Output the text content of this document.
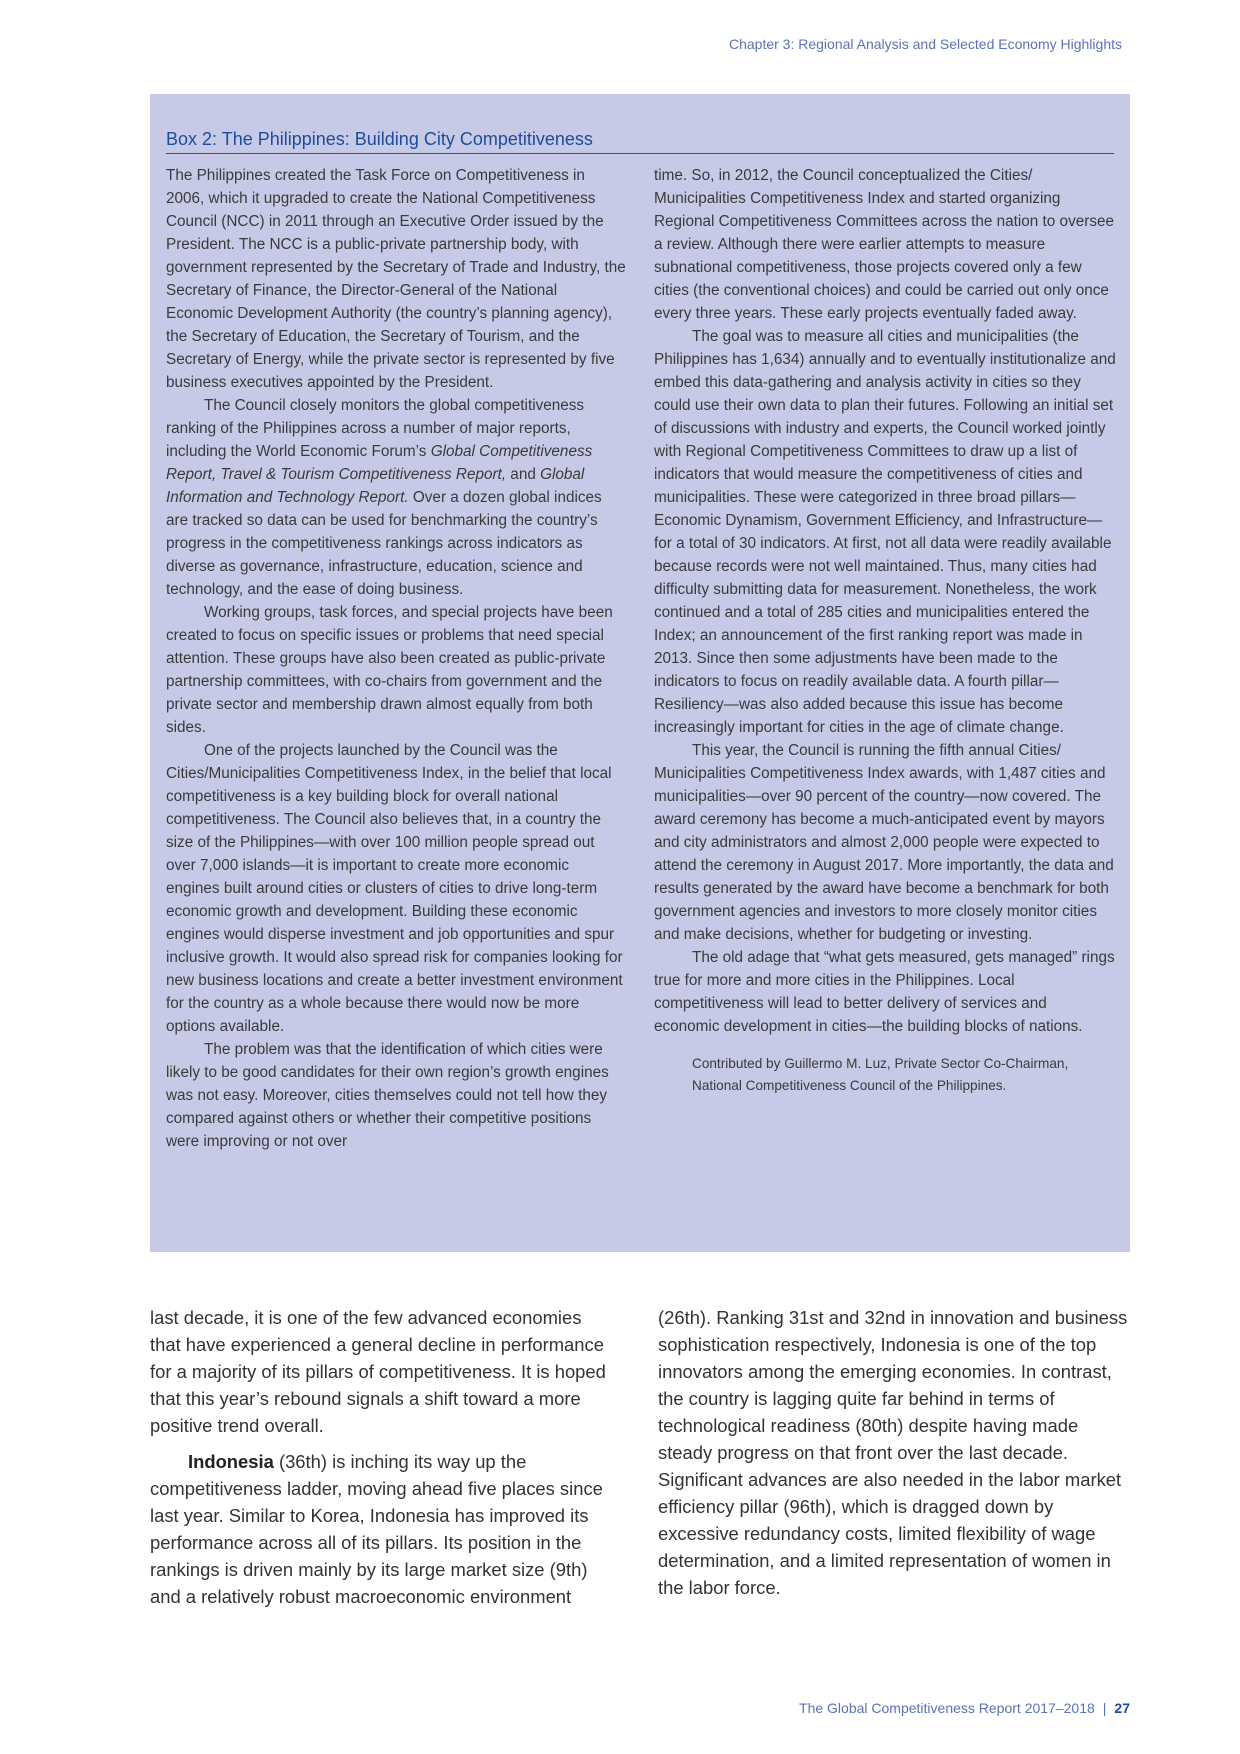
Chapter 3: Regional Analysis and Selected Economy Highlights
Box 2: The Philippines: Building City Competitiveness

The Philippines created the Task Force on Competitiveness in 2006, which it upgraded to create the National Competitiveness Council (NCC) in 2011 through an Executive Order issued by the President. The NCC is a public-private partnership body, with government represented by the Secretary of Trade and Industry, the Secretary of Finance, the Director-General of the National Economic Development Authority (the country’s planning agency), the Secretary of Education, the Secretary of Tourism, and the Secretary of Energy, while the private sector is represented by five business executives appointed by the President.

The Council closely monitors the global competitiveness ranking of the Philippines across a number of major reports, including the World Economic Forum’s Global Competitiveness Report, Travel & Tourism Competitiveness Report, and Global Information and Technology Report. Over a dozen global indices are tracked so data can be used for benchmarking the country’s progress in the competitiveness rankings across indicators as diverse as governance, infrastructure, education, science and technology, and the ease of doing business.

Working groups, task forces, and special projects have been created to focus on specific issues or problems that need special attention. These groups have also been created as public-private partnership committees, with co-chairs from government and the private sector and membership drawn almost equally from both sides.

One of the projects launched by the Council was the Cities/Municipalities Competitiveness Index, in the belief that local competitiveness is a key building block for overall national competitiveness. The Council also believes that, in a country the size of the Philippines—with over 100 million people spread out over 7,000 islands—it is important to create more economic engines built around cities or clusters of cities to drive long-term economic growth and development. Building these economic engines would disperse investment and job opportunities and spur inclusive growth. It would also spread risk for companies looking for new business locations and create a better investment environment for the country as a whole because there would now be more options available.

The problem was that the identification of which cities were likely to be good candidates for their own region’s growth engines was not easy. Moreover, cities themselves could not tell how they compared against others or whether their competitive positions were improving or not over

time. So, in 2012, the Council conceptualized the Cities/ Municipalities Competitiveness Index and started organizing Regional Competitiveness Committees across the nation to oversee a review. Although there were earlier attempts to measure subnational competitiveness, those projects covered only a few cities (the conventional choices) and could be carried out only once every three years. These early projects eventually faded away.

The goal was to measure all cities and municipalities (the Philippines has 1,634) annually and to eventually institutionalize and embed this data-gathering and analysis activity in cities so they could use their own data to plan their futures. Following an initial set of discussions with industry and experts, the Council worked jointly with Regional Competitiveness Committees to draw up a list of indicators that would measure the competitiveness of cities and municipalities. These were categorized in three broad pillars—Economic Dynamism, Government Efficiency, and Infrastructure—for a total of 30 indicators. At first, not all data were readily available because records were not well maintained. Thus, many cities had difficulty submitting data for measurement. Nonetheless, the work continued and a total of 285 cities and municipalities entered the Index; an announcement of the first ranking report was made in 2013. Since then some adjustments have been made to the indicators to focus on readily available data. A fourth pillar—Resiliency—was also added because this issue has become increasingly important for cities in the age of climate change.

This year, the Council is running the fifth annual Cities/ Municipalities Competitiveness Index awards, with 1,487 cities and municipalities—over 90 percent of the country—now covered. The award ceremony has become a much-anticipated event by mayors and city administrators and almost 2,000 people were expected to attend the ceremony in August 2017. More importantly, the data and results generated by the award have become a benchmark for both government agencies and investors to more closely monitor cities and make decisions, whether for budgeting or investing.

The old adage that “what gets measured, gets managed” rings true for more and more cities in the Philippines. Local competitiveness will lead to better delivery of services and economic development in cities—the building blocks of nations.

Contributed by Guillermo M. Luz, Private Sector Co-Chairman,
National Competitiveness Council of the Philippines.

last decade, it is one of the few advanced economies that have experienced a general decline in performance for a majority of its pillars of competitiveness. It is hoped that this year’s rebound signals a shift toward a more positive trend overall.

Indonesia (36th) is inching its way up the competitiveness ladder, moving ahead five places since last year. Similar to Korea, Indonesia has improved its performance across all of its pillars. Its position in the rankings is driven mainly by its large market size (9th) and a relatively robust macroeconomic environment

(26th). Ranking 31st and 32nd in innovation and business sophistication respectively, Indonesia is one of the top innovators among the emerging economies. In contrast, the country is lagging quite far behind in terms of technological readiness (80th) despite having made steady progress on that front over the last decade. Significant advances are also needed in the labor market efficiency pillar (96th), which is dragged down by excessive redundancy costs, limited flexibility of wage determination, and a limited representation of women in the labor force.

The Global Competitiveness Report 2017–2018 | 27
